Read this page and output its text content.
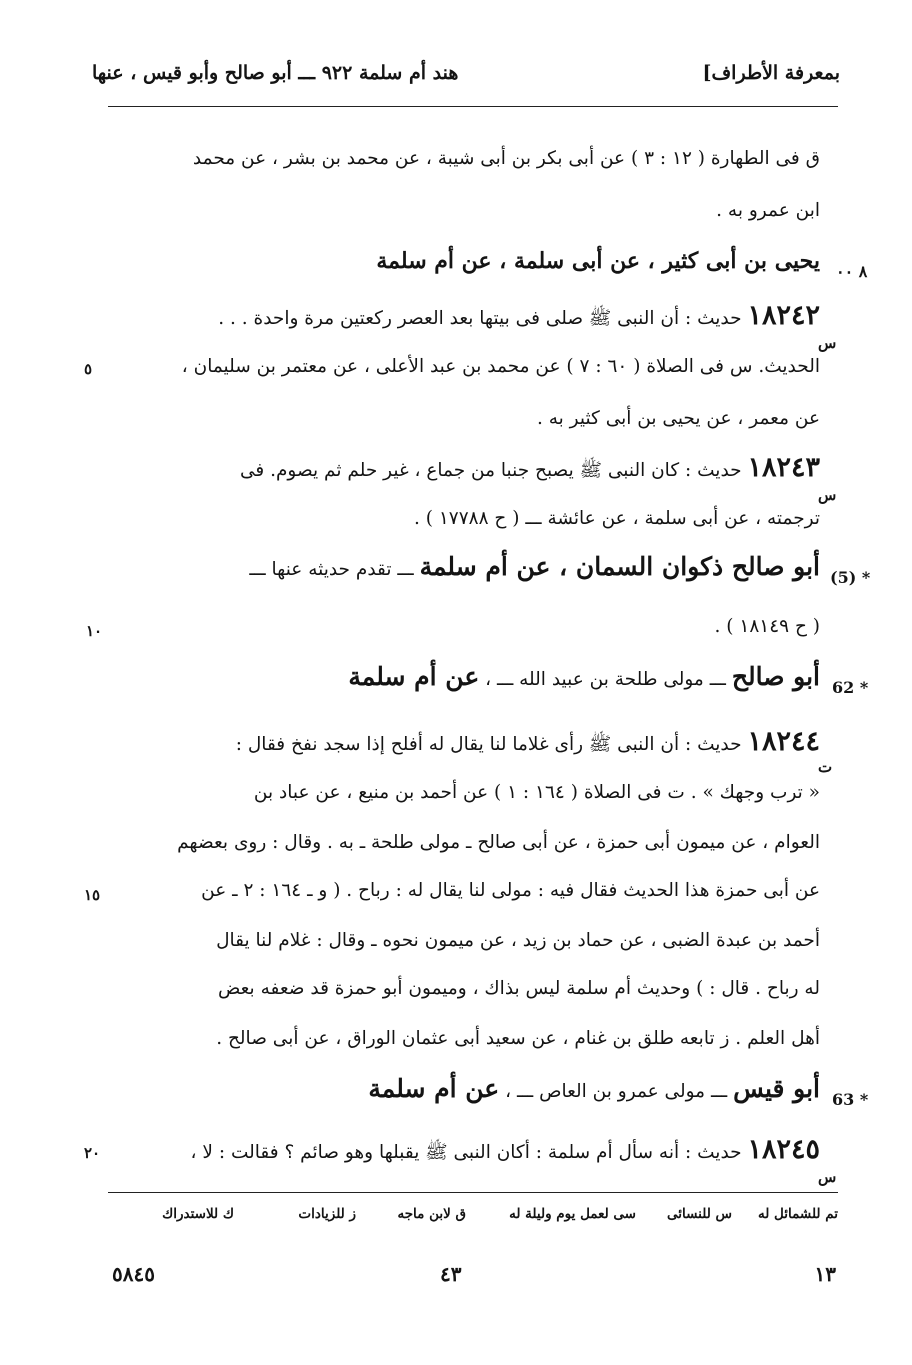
بمعرفة الأطراف]
هند أم سلمة ٩٢٢ ـــ أبو صالح وأبو قيس ، عنها
ق فى الطهارة ( ١٢ : ٣ ) عن أبى بكر بن أبى شيبة ، عن محمد بن بشر ، عن محمد
ابن عمرو به .
٨ ٠٠
يحيى بن أبى كثير ، عن أبى سلمة ، عن أم سلمة
١٨٢٤٢ حديث : أن النبى ﷺ صلى فى بيتها بعد العصر ركعتين مرة واحدة . . .
س
الحديث. س فى الصلاة ( ٦٠ : ٧ ) عن محمد بن عبد الأعلى ، عن معتمر بن سليمان ،
٥
عن معمر ، عن يحيى بن أبى كثير به .
١٨٢٤٣ حديث : كان النبى ﷺ يصبح جنبا من جماع ، غير حلم ثم يصوم. فى
س
ترجمته ، عن أبى سلمة ، عن عائشة ـــ ( ح ١٧٧٨٨ ) .
(5) *
أبو صالح ذكوان السمان ، عن أم سلمة ـــ تقدم حديثه عنها ـــ
( ح ١٨١٤٩ ) .
١٠
62 *
أبو صالح ـــ مولى طلحة بن عبيد الله ـــ ، عن أم سلمة
١٨٢٤٤ حديث : أن النبى ﷺ رأى غلاما لنا يقال له أفلح إذا سجد نفخ فقال :
ت
« ترب وجهك » . ت فى الصلاة ( ١٦٤ : ١ ) عن أحمد بن منيع ، عن عباد بن
العوام ، عن ميمون أبى حمزة ، عن أبى صالح ـ مولى طلحة ـ به . وقال : روى بعضهم
عن أبى حمزة هذا الحديث فقال فيه : مولى لنا يقال له : رباح . ( و ـ ١٦٤ : ٢ ـ عن
١٥
أحمد بن عبدة الضبى ، عن حماد بن زيد ، عن ميمون نحوه ـ وقال : غلام لنا يقال
له رباح . قال : ) وحديث أم سلمة ليس بذاك ، وميمون أبو حمزة قد ضعفه بعض
أهل العلم . ز تابعه طلق بن غنام ، عن سعيد أبى عثمان الوراق ، عن أبى صالح .
63 *
أبو قيس ـــ مولى عمرو بن العاص ـــ ، عن أم سلمة
١٨٢٤٥ حديث : أنه سأل أم سلمة : أكان النبى ﷺ يقبلها وهو صائم ؟ فقالت : لا ،
٢٠
س
تم للشمائل له
س للنسائى
سى لعمل يوم وليلة له
ق لابن ماجه
ز للزيادات
ك للاستدراك
١٣
٤٣
٥٨٤٥
